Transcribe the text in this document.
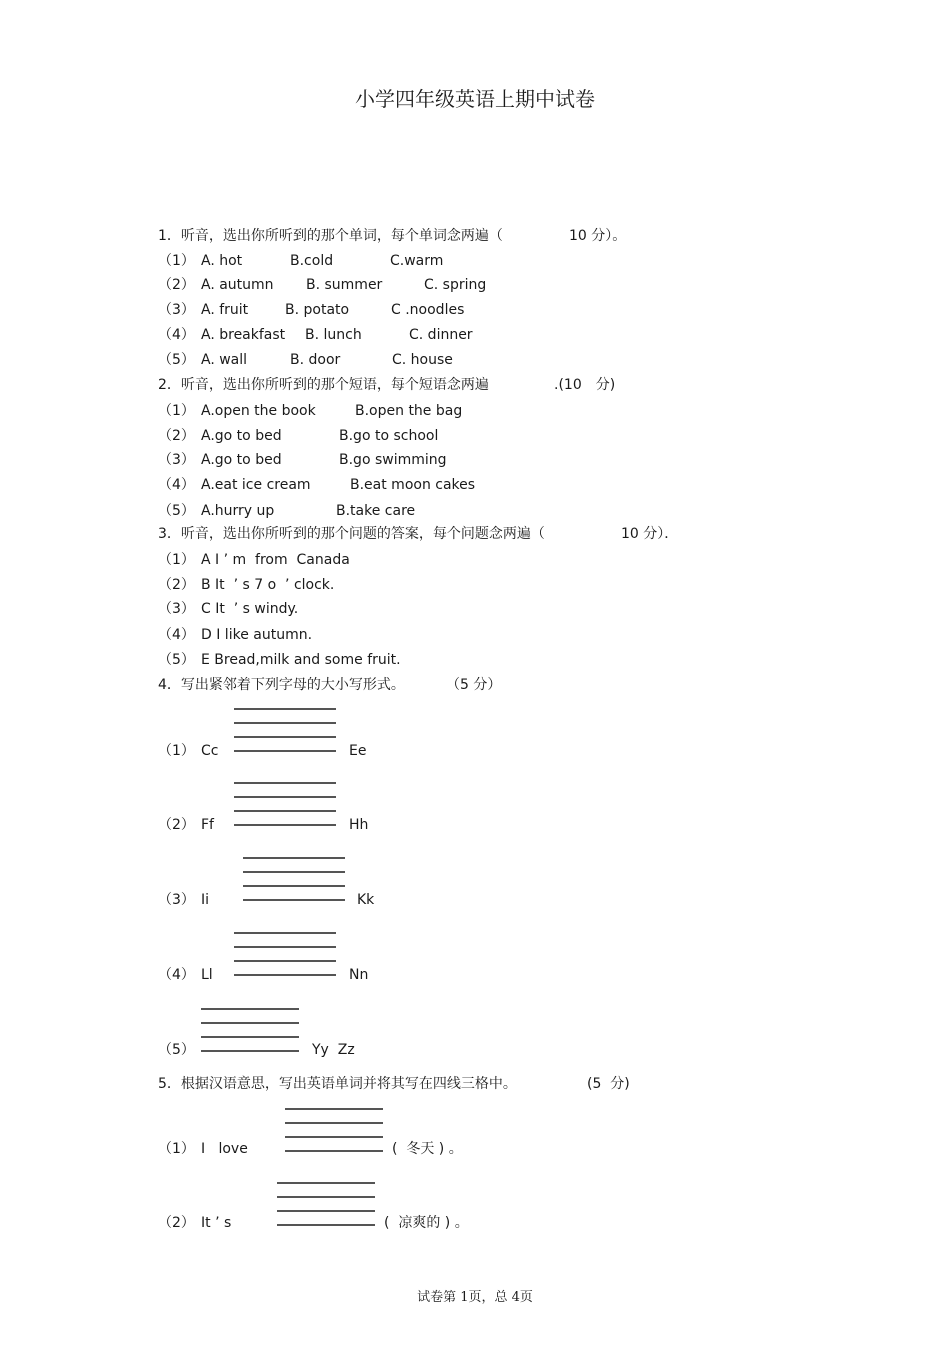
小学四年级英语上期中试卷
1．听音，选出你所听到的那个单词，每个单词念两遍（	10 分）。
（1） A. hot	B.cold	C.warm
（2） A. autumn B. summer	C. spring
（3） A. fruit	B. potato	C .noodles
（4） A. breakfast B. lunch	C. dinner
（5） A. wall	B. door	C. house
2．听音，选出你所听到的那个短语，每个短语念两遍	.(10　分)
（1） A.open the book	B.open the bag
（2） A.go to bed	B.go to school
（3） A.go to bed	B.go swimming
（4） A.eat ice cream	B.eat moon cakes
（5） A.hurry up	B.take care
3．听音，选出你所听到的那个问题的答案，每个问题念两遍（	10 分）．
（1） A I ’ m  from  Canada
（2） B It  ’ s 7 o  ’ clock.
（3） C It  ’ s windy.
（4） D I like autumn.
（5） E Bread,milk and some fruit.
4．写出紧邻着下列字母的大小写形式。	（5 分）
（1） Cc	Ee
（2） Ff	Hh
（3） Ii	Kk
（4） Ll	Nn
（5）	Yy  Zz
5．根据汉语意思，写出英语单词并将其写在四线三格中。	(5  分)
（1） I   love	(  冬天 ) 。
（2） It ’ s	(  凉爽的 ) 。
试卷第 1页，总 4页
